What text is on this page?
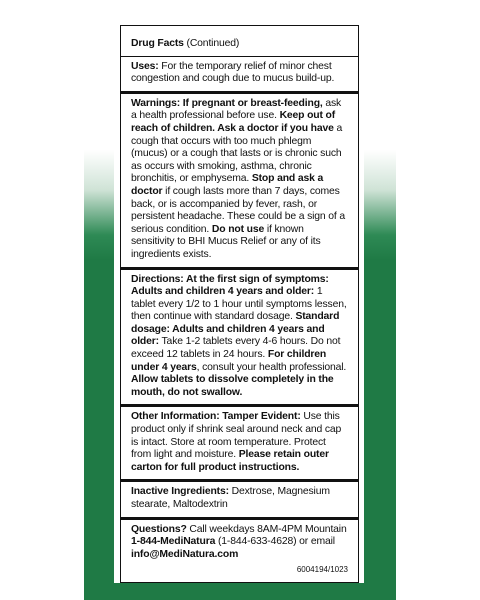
Drug Facts (Continued)
Uses: For the temporary relief of minor chest congestion and cough due to mucus build-up.
Warnings: If pregnant or breast-feeding, ask a health professional before use. Keep out of reach of children. Ask a doctor if you have a cough that occurs with too much phlegm (mucus) or a cough that lasts or is chronic such as occurs with smoking, asthma, chronic bronchitis, or emphysema. Stop and ask a doctor if cough lasts more than 7 days, comes back, or is accompanied by fever, rash, or persistent headache. These could be a sign of a serious condition. Do not use if known sensitivity to BHI Mucus Relief or any of its ingredients exists.
Directions: At the first sign of symptoms: Adults and children 4 years and older: 1 tablet every 1/2 to 1 hour until symptoms lessen, then continue with standard dosage. Standard dosage: Adults and children 4 years and older: Take 1-2 tablets every 4-6 hours. Do not exceed 12 tablets in 24 hours. For children under 4 years, consult your health professional. Allow tablets to dissolve completely in the mouth, do not swallow.
Other Information: Tamper Evident: Use this product only if shrink seal around neck and cap is intact. Store at room temperature. Protect from light and moisture. Please retain outer carton for full product instructions.
Inactive Ingredients: Dextrose, Magnesium stearate, Maltodextrin
Questions? Call weekdays 8AM-4PM Mountain 1-844-MediNatura (1-844-633-4628) or email info@MediNatura.com
6004194/1023
